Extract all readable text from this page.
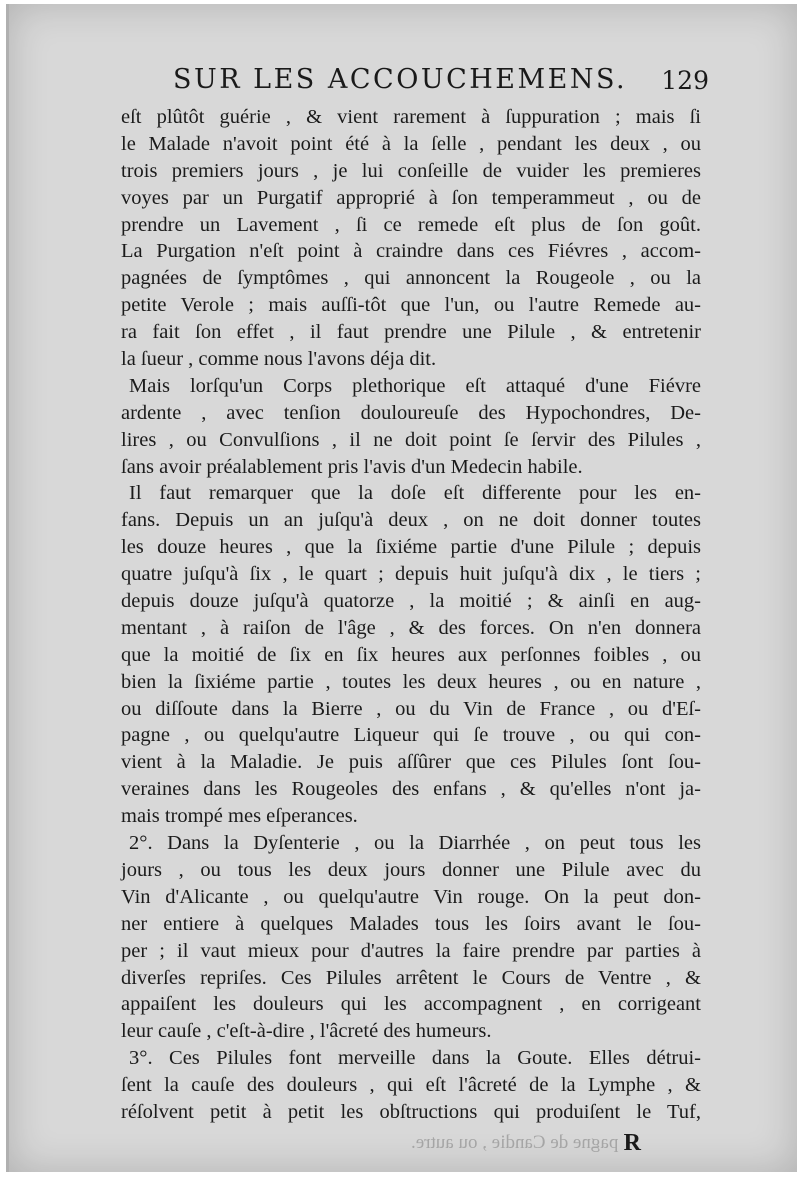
SUR LES ACCOUCHEMENS. 129
eſt plûtôt guérie , & vient rarement à ſuppuration ; mais ſi
le Malade n'avoit point été à la ſelle , pendant les deux , ou
trois premiers jours , je lui conſeille de vuider les premieres
voyes par un Purgatif approprié à ſon temperammeut , ou de
prendre un Lavement , ſi ce remede eſt plus de ſon goût.
La Purgation n'eſt point à craindre dans ces Fiévres , accom-
pagnées de ſymptômes , qui annoncent la Rougeole , ou la
petite Verole ; mais auſſi-tôt que l'un, ou l'autre Remede au-
ra fait ſon effet , il faut prendre une Pilule , & entretenir
la ſueur , comme nous l'avons déja dit.
Mais lorſqu'un Corps plethorique eſt attaqué d'une Fiévre
ardente , avec tenſion douloureuſe des Hypochondres, De-
lires , ou Convulſions , il ne doit point ſe ſervir des Pilules ,
ſans avoir préalablement pris l'avis d'un Medecin habile.
Il faut remarquer que la doſe eſt differente pour les en-
fans. Depuis un an juſqu'à deux , on ne doit donner toutes
les douze heures , que la ſixiéme partie d'une Pilule ; depuis
quatre juſqu'à ſix , le quart ; depuis huit juſqu'à dix , le tiers ;
depuis douze juſqu'à quatorze , la moitié ; & ainſi en aug-
mentant , à raiſon de l'âge , & des forces. On n'en donnera
que la moitié de ſix en ſix heures aux perſonnes foibles , ou
bien la ſixiéme partie , toutes les deux heures , ou en nature ,
ou diſſoute dans la Bierre , ou du Vin de France , ou d'Eſ-
pagne , ou quelqu'autre Liqueur qui ſe trouve , ou qui con-
vient à la Maladie. Je puis aſſûrer que ces Pilules ſont ſou-
veraines dans les Rougeoles des enfans , & qu'elles n'ont ja-
mais trompé mes eſperances.
2°. Dans la Dyſenterie , ou la Diarrhée , on peut tous les
jours , ou tous les deux jours donner une Pilule avec du
Vin d'Alicante , ou quelqu'autre Vin rouge. On la peut don-
ner entiere à quelques Malades tous les ſoirs avant le ſou-
per ; il vaut mieux pour d'autres la faire prendre par parties à
diverſes repriſes. Ces Pilules arrêtent le Cours de Ventre , &
appaiſent les douleurs qui les accompagnent , en corrigeant
leur cauſe , c'eſt-à-dire , l'âcreté des humeurs.
3°. Ces Pilules font merveille dans la Goute. Elles détrui-
ſent la cauſe des douleurs , qui eſt l'âcreté de la Lymphe , &
réſolvent petit à petit les obſtructions qui produiſent le Tuf,
pagne de Candie , ou autre. R
